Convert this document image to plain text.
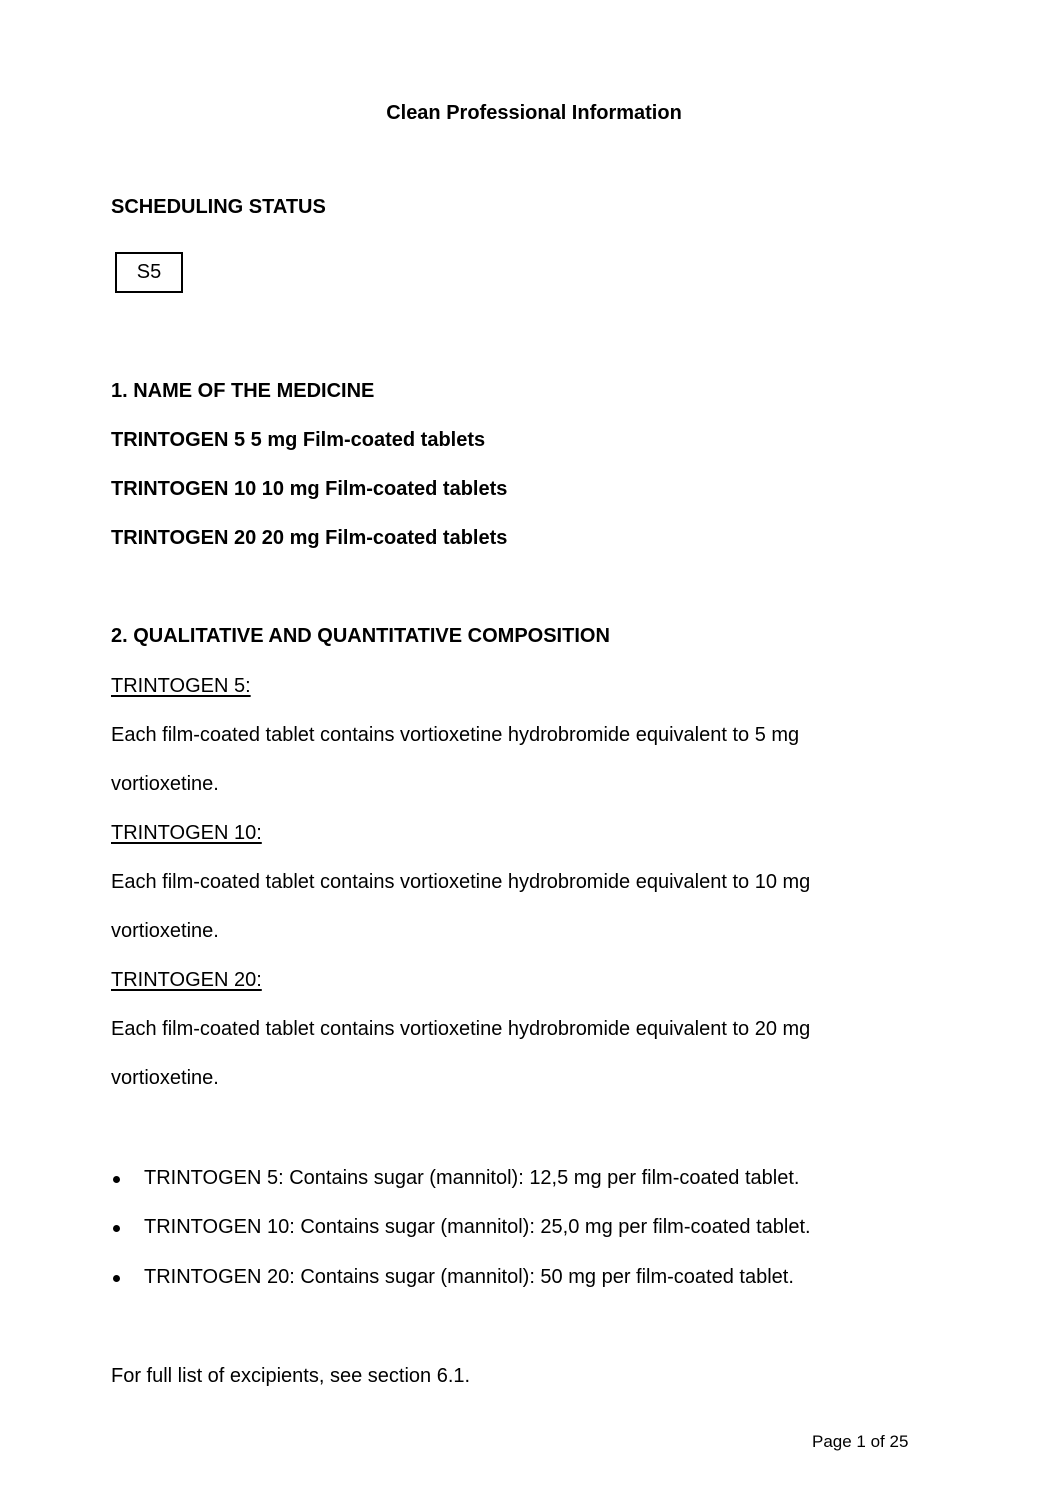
Clean Professional Information
SCHEDULING STATUS
S5
1. NAME OF THE MEDICINE
TRINTOGEN 5 5 mg Film-coated tablets
TRINTOGEN 10 10 mg Film-coated tablets
TRINTOGEN 20 20 mg Film-coated tablets
2. QUALITATIVE AND QUANTITATIVE COMPOSITION
TRINTOGEN 5:
Each film-coated tablet contains vortioxetine hydrobromide equivalent to 5 mg
vortioxetine.
TRINTOGEN 10:
Each film-coated tablet contains vortioxetine hydrobromide equivalent to 10 mg
vortioxetine.
TRINTOGEN 20:
Each film-coated tablet contains vortioxetine hydrobromide equivalent to 20 mg
vortioxetine.
TRINTOGEN 5: Contains sugar (mannitol): 12,5 mg per film-coated tablet.
TRINTOGEN 10: Contains sugar (mannitol): 25,0 mg per film-coated tablet.
TRINTOGEN 20: Contains sugar (mannitol): 50 mg per film-coated tablet.
For full list of excipients, see section 6.1.
Page 1 of 25
